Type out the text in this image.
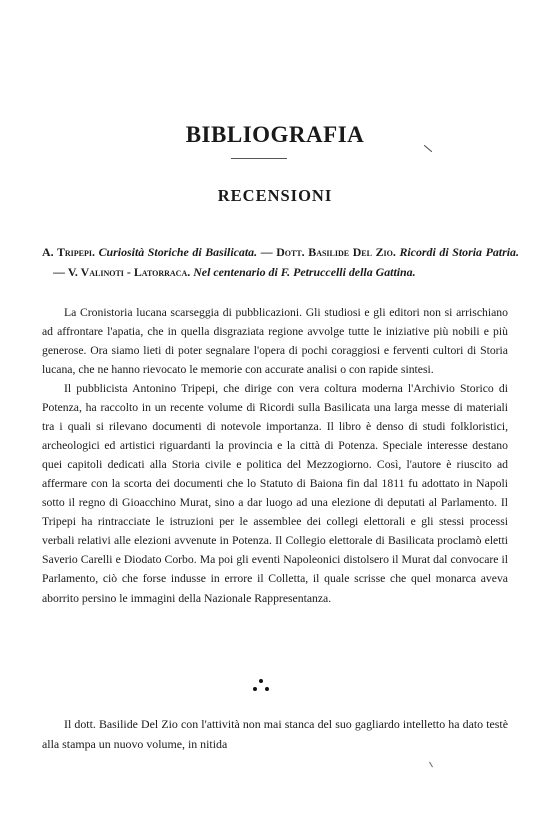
BIBLIOGRAFIA
RECENSIONI
A. Tripepi. Curiosità Storiche di Basilicata. — Dott. Basilide Del Zio. Ricordi di Storia Patria. — V. Valinoti - Latorraca. Nel centenario di F. Petruccelli della Gattina.

La Cronistoria lucana scarseggia di pubblicazioni. Gli studiosi e gli editori non si arrischiano ad affrontare l'apatia, che in quella disgraziata regione avvolge tutte le iniziative più nobili e più generose. Ora siamo lieti di poter segnalare l'opera di pochi coraggiosi e ferventi cultori di Storia lucana, che ne hanno rievocato le memorie con accurate analisi o con rapide sintesi.

Il pubblicista Antonino Tripepi, che dirige con vera coltura moderna l'Archivio Storico di Potenza, ha raccolto in un recente volume di Ricordi sulla Basilicata una larga messe di materiali tra i quali si rilevano documenti di notevole importanza. Il libro è denso di studi folkloristici, archeologici ed artistici riguardanti la provincia e la città di Potenza. Speciale interesse destano quei capitoli dedicati alla Storia civile e politica del Mezzogiorno. Così, l'autore è riuscito ad affermare con la scorta dei documenti che lo Statuto di Baiona fin dal 1811 fu adottato in Napoli sotto il regno di Gioacchino Murat, sino a dar luogo ad una elezione di deputati al Parlamento. Il Tripepi ha rintracciate le istruzioni per le assemblee dei collegi elettorali e gli stessi processi verbali relativi alle elezioni avvenute in Potenza. Il Collegio elettorale di Basilicata proclamò eletti Saverio Carelli e Diodato Corbo. Ma poi gli eventi Napoleonici distolsero il Murat dal convocare il Parlamento, ciò che forse indusse in errore il Colletta, il quale scrisse che quel monarca aveva aborrito persino le immagini della Nazionale Rappresentanza.

Il dott. Basilide Del Zio con l'attività non mai stanca del suo gagliardo intelletto ha dato testè alla stampa un nuovo volume, in nitida
